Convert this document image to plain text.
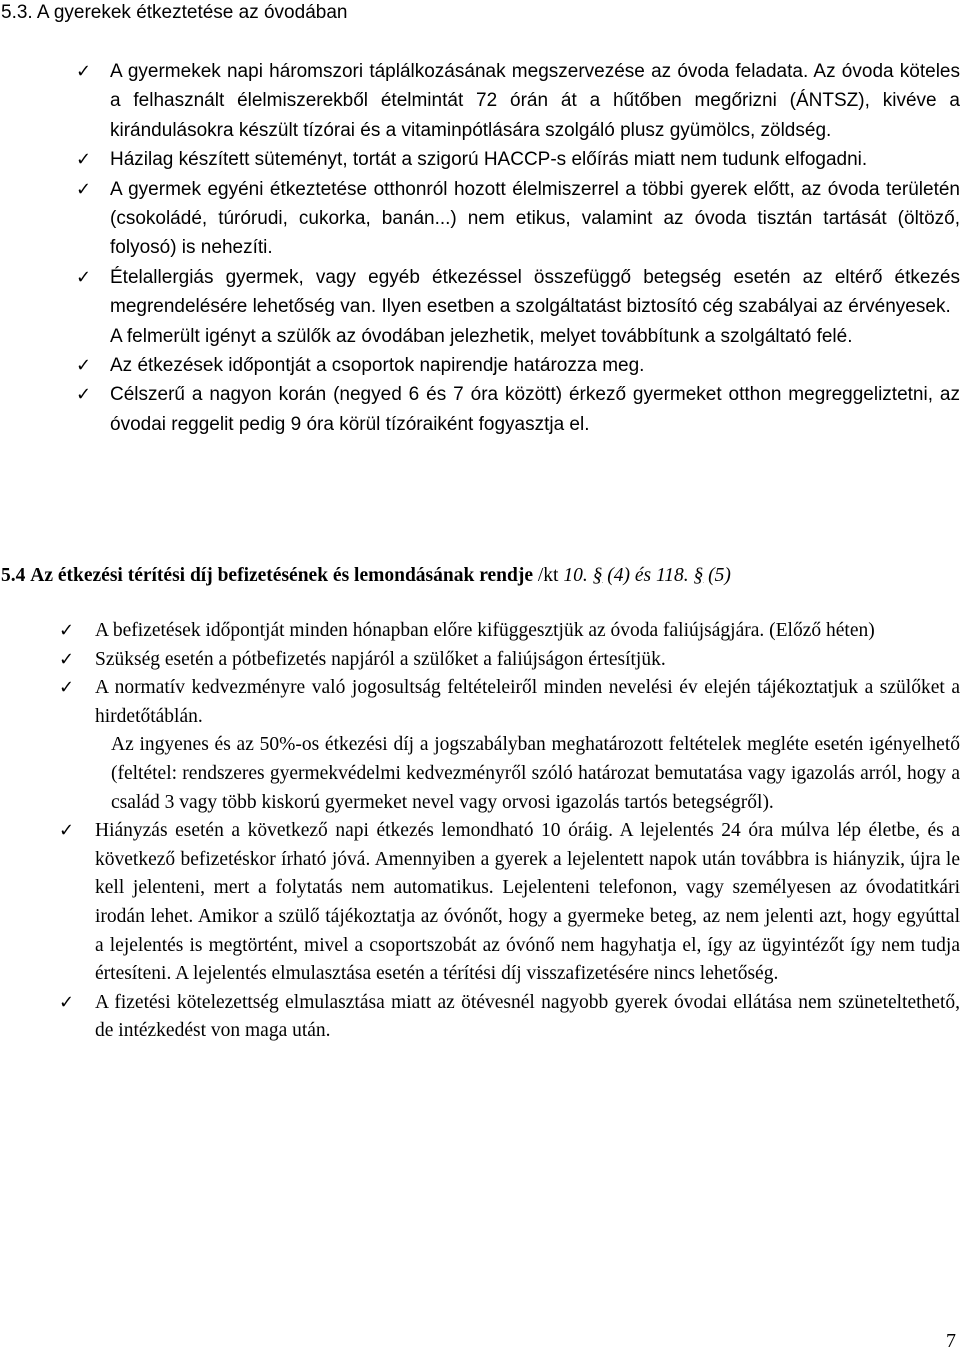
5.3. A gyerekek étkeztetése az óvodában
✓ A gyermekek napi háromszori táplálkozásának megszervezése az óvoda feladata. Az óvoda köteles a felhasznált élelmiszerekből ételmintát 72 órán át a hűtőben megőrizni (ÁNTSZ), kivéve a kirándulásokra készült tízórai és a vitaminpótlására szolgáló plusz gyümölcs, zöldség.
✓ Házilag készített süteményt, tortát a szigorú HACCP-s előírás miatt nem tudunk elfogadni.
✓ A gyermek egyéni étkeztetése otthonról hozott élelmiszerrel a többi gyerek előtt, az óvoda területén (csokoládé, túrórudi, cukorka, banán...) nem etikus, valamint az óvoda tisztán tartását (öltöző, folyosó) is nehezíti.
✓ Ételallergiás gyermek, vagy egyéb étkezéssel összefüggő betegség esetén az eltérő étkezés megrendelésére lehetőség van. Ilyen esetben a szolgáltatást biztosító cég szabályai az érvényesek.
A felmerült igényt a szülők az óvodában jelezhetik, melyet továbbítunk a szolgáltató felé.
✓ Az étkezések időpontját a csoportok napirendje határozza meg.
✓ Célszerű a nagyon korán (negyed 6 és 7 óra között) érkező gyermeket otthon megreggeliztetni, az óvodai reggelit pedig 9 óra körül tízóraiként fogyasztja el.
5.4 Az étkezési térítési díj befizetésének és lemondásának rendje /kt 10. § (4) és 118. § (5)
✓ A befizetések időpontját minden hónapban előre kifüggesztjük az óvoda faliújságjára. (Előző héten)
✓ Szükség esetén a pótbefizetés napjáról a szülőket a faliújságon értesítjük.
✓ A normatív kedvezményre való jogosultság feltételeiről minden nevelési év elején tájékoztatjuk a szülőket a hirdetőtáblán.
Az ingyenes és az 50%-os étkezési díj a jogszabályban meghatározott feltételek megléte esetén igényelhető (feltétel: rendszeres gyermekvédelmi kedvezményről szóló határozat bemutatása vagy igazolás arról, hogy a család 3 vagy több kiskorú gyermeket nevel vagy orvosi igazolás tartós betegségről).
✓ Hiányzás esetén a következő napi étkezés lemondható 10 óráig. A lejelentés 24 óra múlva lép életbe, és a következő befizetéskor írható jóvá. Amennyiben a gyerek a lejelentett napok után továbbra is hiányzik, újra le kell jelenteni, mert a folytatás nem automatikus. Lejelenteni telefonon, vagy személyesen az óvodatitkári irodán lehet. Amikor a szülő tájékoztatja az óvónőt, hogy a gyermeke beteg, az nem jelenti azt, hogy egyúttal a lejelentés is megtörtént, mivel a csoportszobát az óvónő nem hagyhatja el, így az ügyintézőt így nem tudja értesíteni. A lejelentés elmulasztása esetén a térítési díj visszafizetésére nincs lehetőség.
✓ A fizetési kötelezettség elmulasztása miatt az ötévesnél nagyobb gyerek óvodai ellátása nem szüneteltethető, de intézkedést von maga után.
7
